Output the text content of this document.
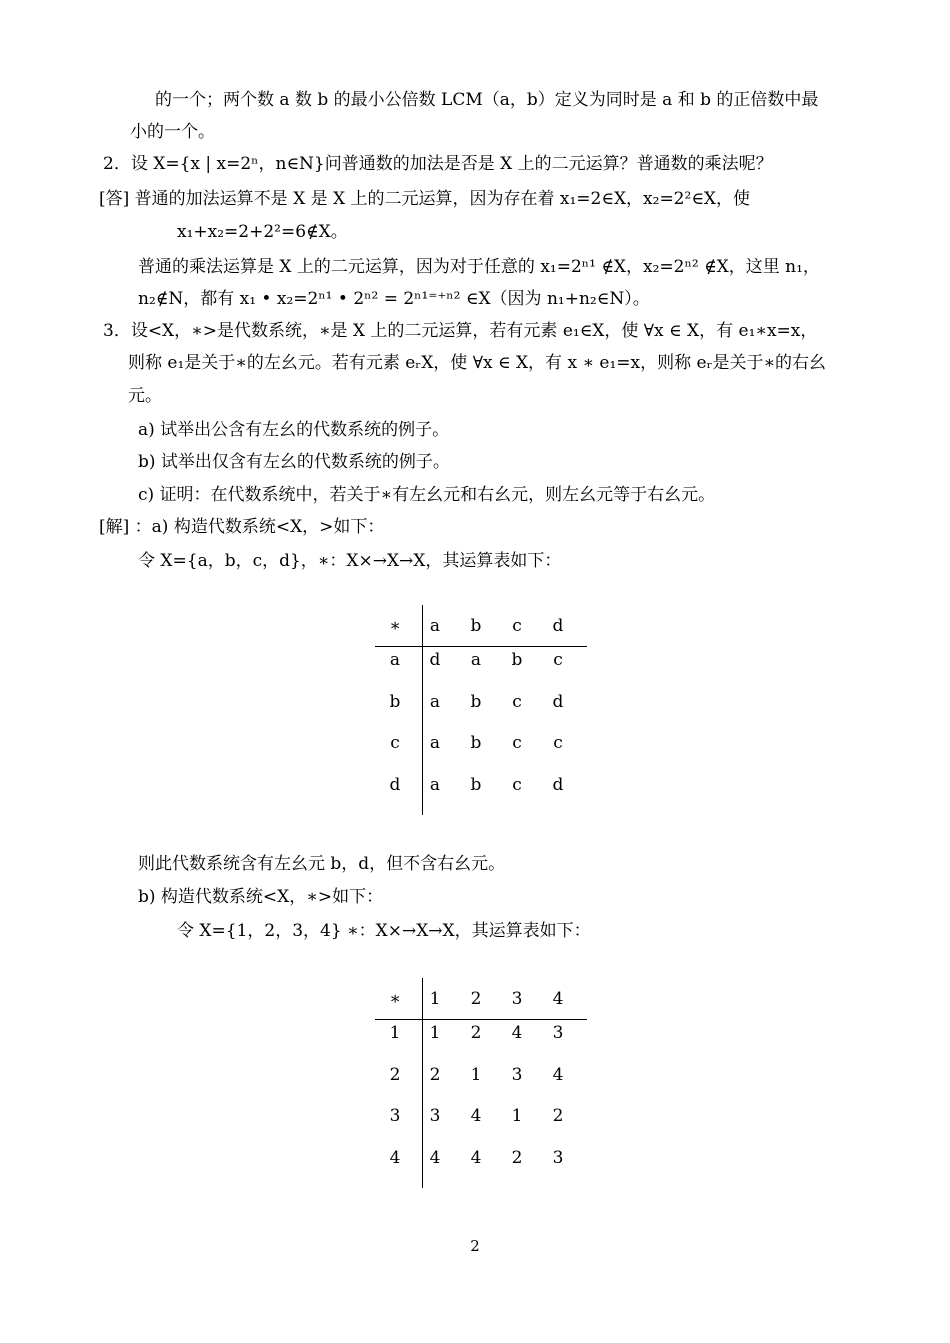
的一个；两个数 a 数 b 的最小公倍数 LCM（a，b）定义为同时是 a 和 b 的正倍数中最
小的一个。
2．设 X={x | x=2ⁿ，n∈N}问普通数的加法是否是 X 上的二元运算？普通数的乘法呢？
[答] 普通的加法运算不是 X 是 X 上的二元运算，因为存在着 x₁=2∈X，x₂=2²∈X，使
x₁+x₂=2+2²=6∉X。
普通的乘法运算是 X 上的二元运算，因为对于任意的 x₁=2ⁿ¹ ∉X，x₂=2ⁿ² ∉X，这里 n₁，
n₂∉N，都有 x₁ • x₂=2ⁿ¹ • 2ⁿ² = 2ⁿ¹⁼⁺ⁿ² ∈X（因为 n₁+n₂∈N）。
3．设<X，∗>是代数系统，∗是 X 上的二元运算，若有元素 e₁∈X，使 ∀x ∈ X，有 e₁∗x=x，
则称 e₁是关于∗的左幺元。若有元素 eᵣX，使 ∀x ∈ X，有 x ∗ e₁=x，则称 eᵣ是关于∗的右幺
元。
a) 试举出公含有左幺的代数系统的例子。
b) 试举出仅含有左幺的代数系统的例子。
c) 证明：在代数系统中，若关于∗有左幺元和右幺元，则左幺元等于右幺元。
[解] ：a) 构造代数系统<X，>如下：
令 X={a，b，c，d}，∗：X×→X→X，其运算表如下：
∗	a	b	c	d
a	d	a	b	c
b	a	b	c	d
c	a	b	c	c
d	a	b	c	d
则此代数系统含有左幺元 b，d，但不含右幺元。
b) 构造代数系统<X，∗>如下：
令 X={1，2，3，4} ∗：X×→X→X，其运算表如下：
∗	1	2	3	4
1	1	2	4	3
2	2	1	3	4
3	3	4	1	2
4	4	4	2	3
2
